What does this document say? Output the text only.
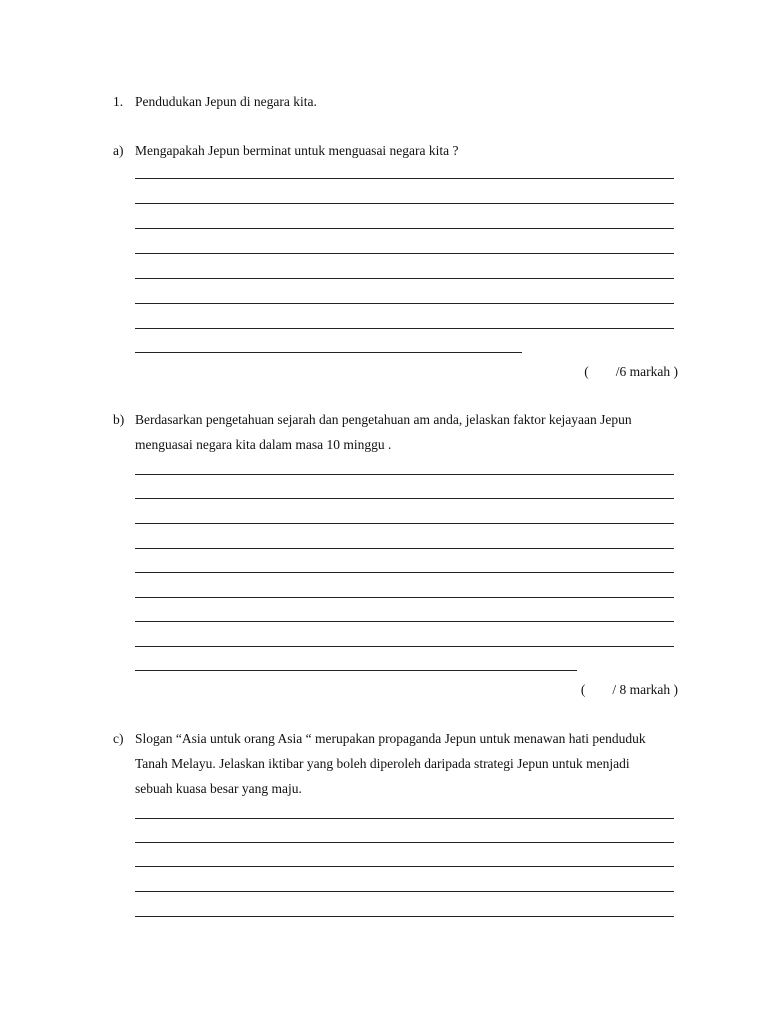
1. Pendudukan Jepun di negara kita.
a) Mengapakah Jepun berminat untuk menguasai negara kita ?
(        /6 markah )
b) Berdasarkan pengetahuan sejarah dan pengetahuan am anda, jelaskan faktor kejayaan Jepun
menguasai negara kita dalam masa 10 minggu .
(        / 8 markah )
c) Slogan “Asia untuk orang Asia “ merupakan propaganda Jepun untuk menawan hati penduduk
Tanah Melayu. Jelaskan iktibar yang boleh diperoleh daripada strategi Jepun untuk menjadi
sebuah kuasa besar yang maju.
